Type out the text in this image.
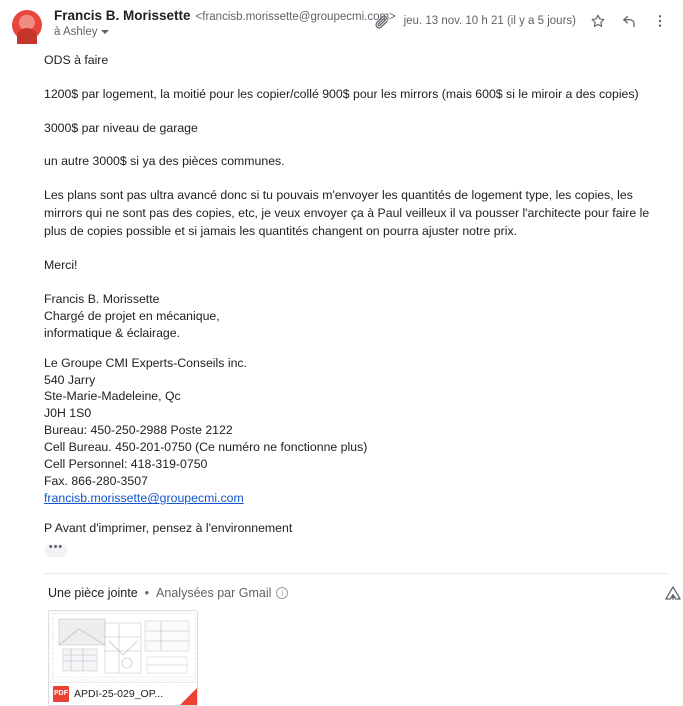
Francis B. Morissette <francisb.morissette@groupecmi.com>
à Ashley
jeu. 13 nov. 10 h 21 (il y a 5 jours)

ODS à faire

1200$ par logement, la moitié pour les copier/collé 900$ pour les mirrors (mais 600$ si le miroir a des copies)

3000$ par niveau de garage

un autre 3000$ si ya des pièces communes.

Les plans sont pas ultra avancé donc si tu pouvais m'envoyer les quantités de logement type, les copies, les mirrors qui ne sont pas des copies, etc, je veux envoyer ça à Paul veilleux il va pousser l'architecte pour faire le plus de copies possible et si jamais les quantités changent on pourra ajuster notre prix.

Merci!

Francis B. Morissette
Chargé de projet en mécanique,
informatique & éclairage.
Le Groupe CMI Experts-Conseils inc.
540 Jarry
Ste-Marie-Madeleine, Qc
J0H 1S0
Bureau: 450-250-2988 Poste 2122
Cell Bureau. 450-201-0750 (Ce numéro ne fonctionne plus)
Cell Personnel: 418-319-0750
Fax. 866-280-3507
francisb.morissette@groupecmi.com
P Avant d'imprimer, pensez à l'environnement
•••
Une pièce jointe • Analysées par Gmail	i
PDF APDI-25-029_OP...
